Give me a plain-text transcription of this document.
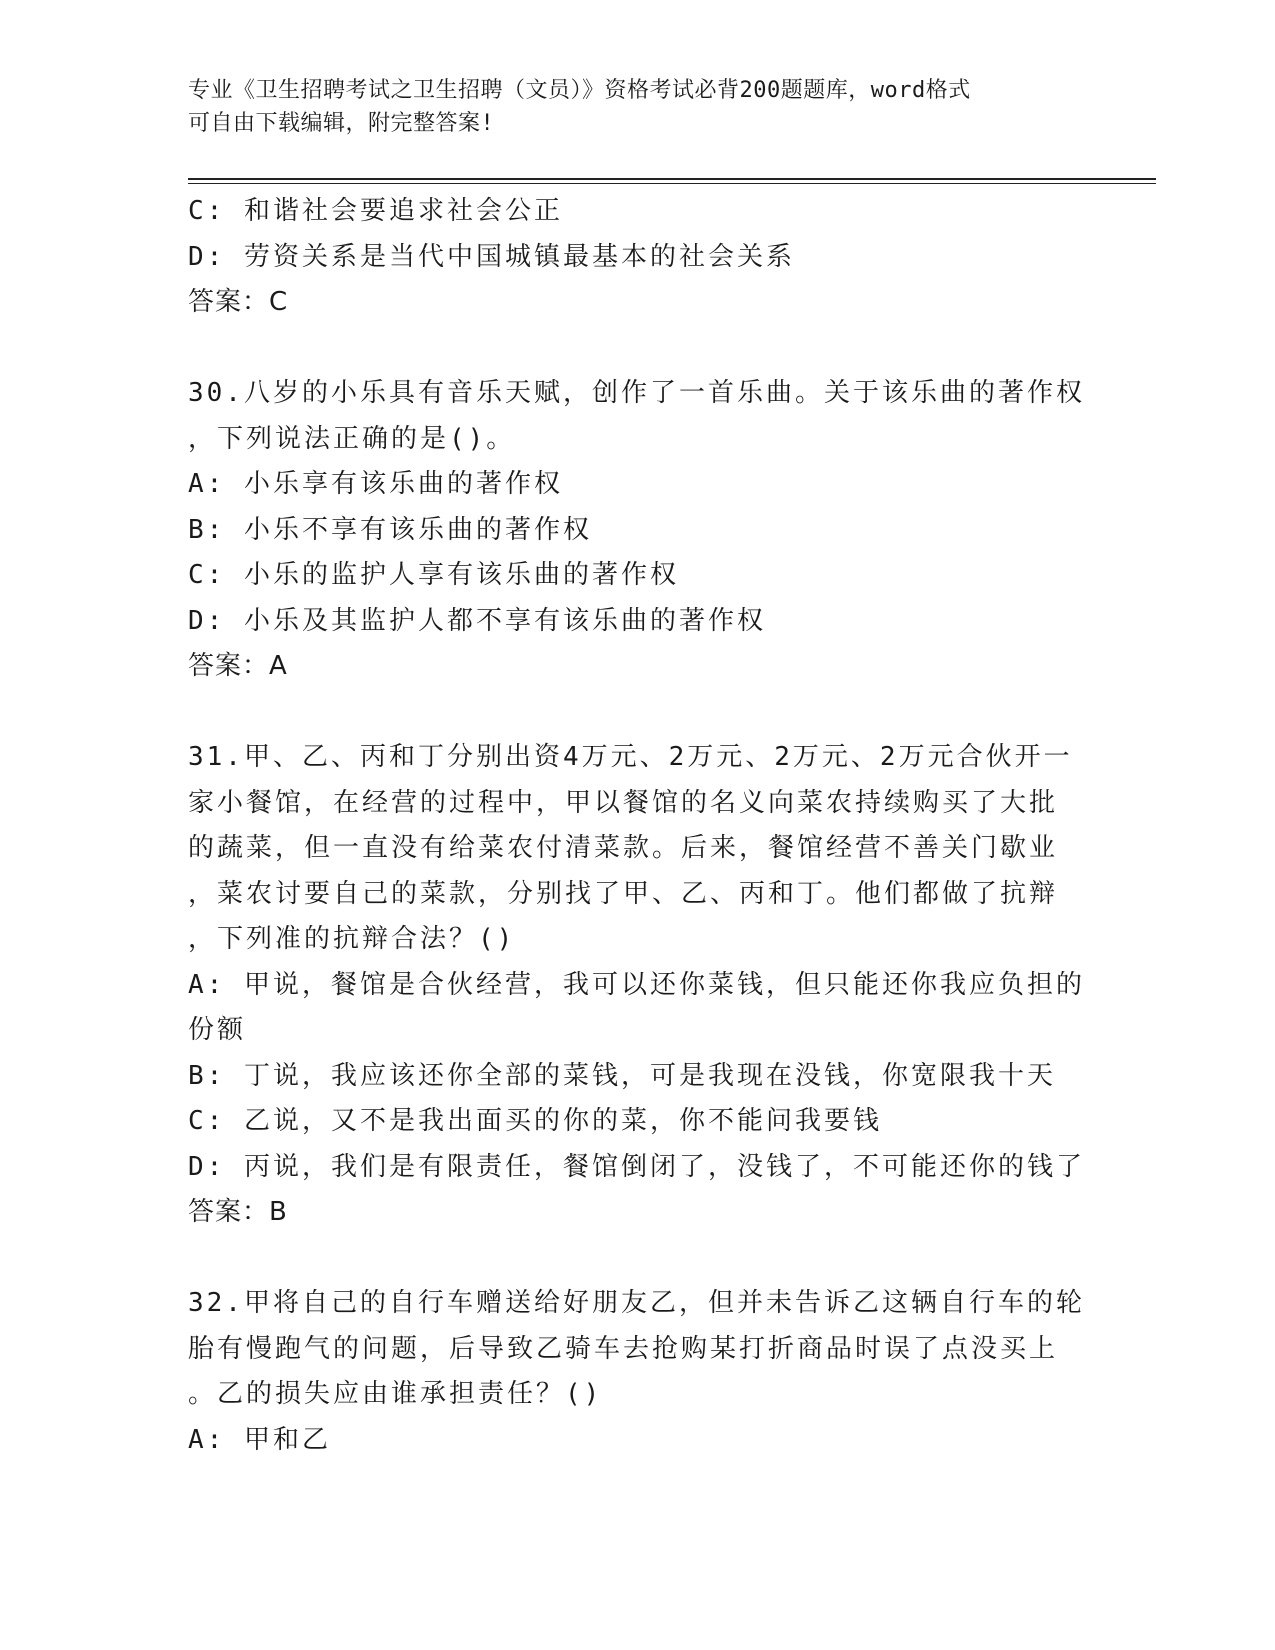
专业《卫生招聘考试之卫生招聘（文员）》资格考试必背200题题库，word格式
可自由下载编辑，附完整答案!
C: 和谐社会要追求社会公正
D: 劳资关系是当代中国城镇最基本的社会关系
答案：C
30.八岁的小乐具有音乐天赋，创作了一首乐曲。关于该乐曲的著作权
，下列说法正确的是()。
A: 小乐享有该乐曲的著作权
B: 小乐不享有该乐曲的著作权
C: 小乐的监护人享有该乐曲的著作权
D: 小乐及其监护人都不享有该乐曲的著作权
答案：A
31.甲、乙、丙和丁分别出资4万元、2万元、2万元、2万元合伙开一
家小餐馆，在经营的过程中，甲以餐馆的名义向菜农持续购买了大批
的蔬菜，但一直没有给菜农付清菜款。后来，餐馆经营不善关门歇业
，菜农讨要自己的菜款，分别找了甲、乙、丙和丁。他们都做了抗辩
，下列准的抗辩合法？()
A: 甲说，餐馆是合伙经营，我可以还你菜钱，但只能还你我应负担的
份额
B: 丁说，我应该还你全部的菜钱，可是我现在没钱，你宽限我十天
C: 乙说，又不是我出面买的你的菜，你不能问我要钱
D: 丙说，我们是有限责任，餐馆倒闭了，没钱了，不可能还你的钱了
答案：B
32.甲将自己的自行车赠送给好朋友乙，但并未告诉乙这辆自行车的轮
胎有慢跑气的问题，后导致乙骑车去抢购某打折商品时误了点没买上
。乙的损失应由谁承担责任？()
A: 甲和乙
